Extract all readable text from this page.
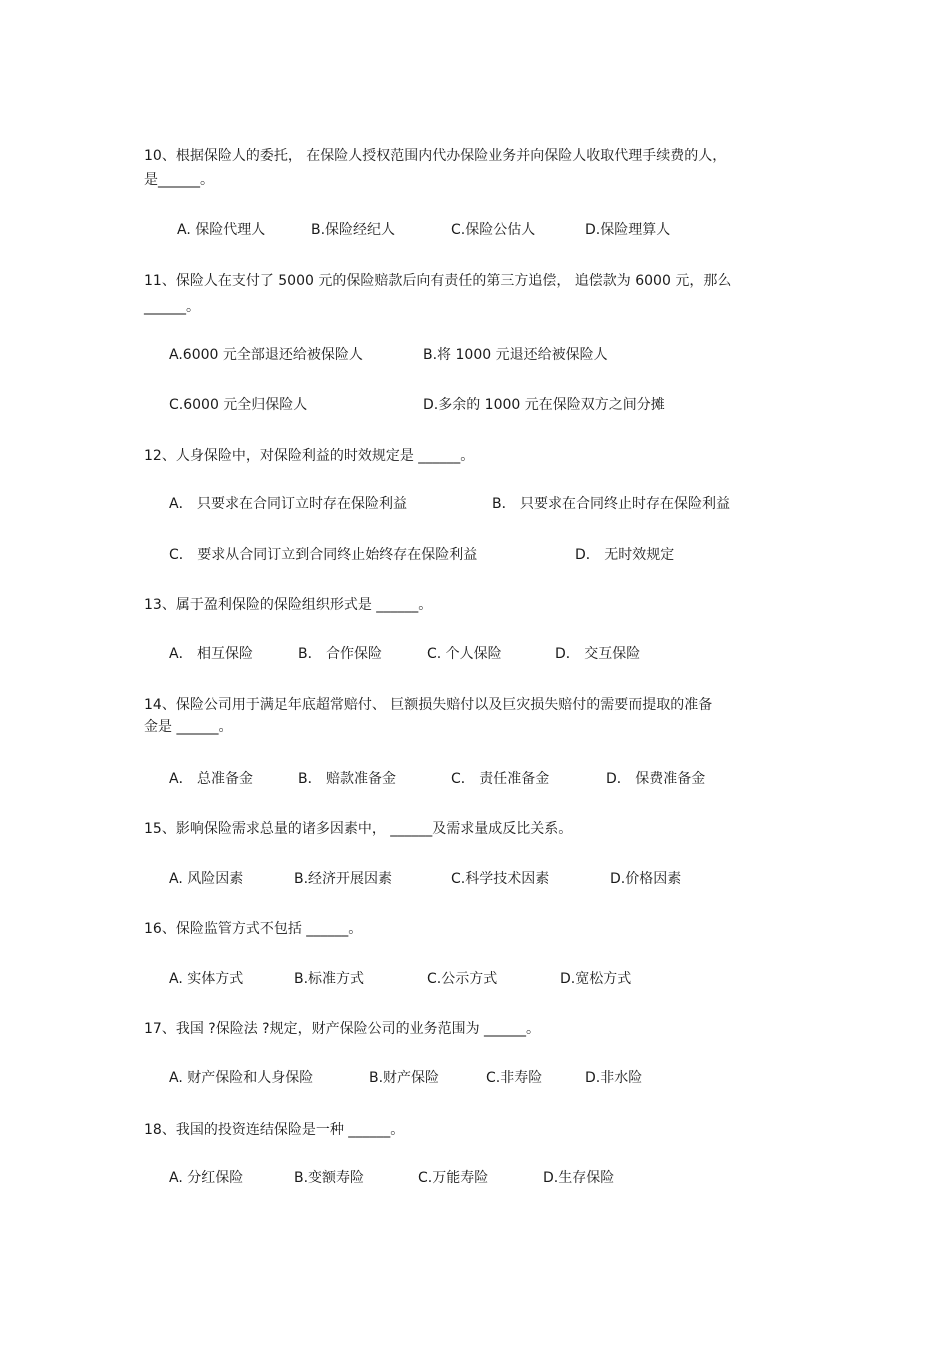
10、根据保险人的委托， 在保险人授权范围内代办保险业务并向保险人收取代理手续费的人，
是______。
A. 保险代理人	B.保险经纪人	C.保险公估人	D.保险理算人
11、保险人在支付了 5000 元的保险赔款后向有责任的第三方追偿， 追偿款为 6000 元，那么
______。
A.6000 元全部退还给被保险人	B.将 1000 元退还给被保险人
C.6000 元全归保险人	D.多余的 1000 元在保险双方之间分摊
12、人身保险中，对保险利益的时效规定是 ______。
A． 只要求在合同订立时存在保险利益	B． 只要求在合同终止时存在保险利益
C． 要求从合同订立到合同终止始终存在保险利益	D． 无时效规定
13、属于盈利保险的保险组织形式是 ______。
A． 相互保险	B． 合作保险	C. 个人保险	D． 交互保险
14、保险公司用于满足年底超常赔付、 巨额损失赔付以及巨灾损失赔付的需要而提取的准备
金是 ______。
A． 总准备金	B． 赔款准备金	C． 责任准备金	D． 保费准备金
15、影响保险需求总量的诸多因素中， ______及需求量成反比关系。
A. 风险因素	B.经济开展因素	C.科学技术因素	D.价格因素
16、保险监管方式不包括 ______。
A. 实体方式	B.标准方式	C.公示方式	D.宽松方式
17、我国 ?保险法 ?规定，财产保险公司的业务范围为 ______。
A. 财产保险和人身保险	B.财产保险	C.非寿险	D.非水险
18、我国的投资连结保险是一种 ______。
A. 分红保险	B.变额寿险	C.万能寿险	D.生存保险
